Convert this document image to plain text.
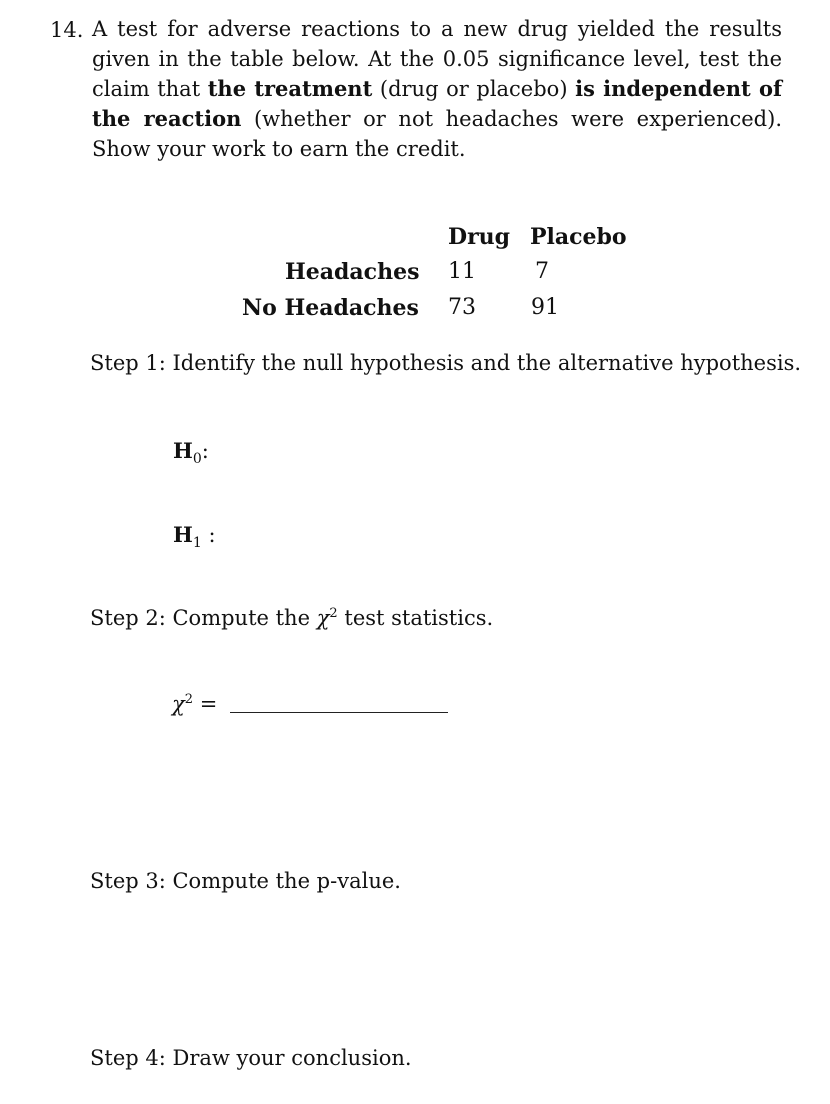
14. A test for adverse reactions to a new drug yielded the results given in the table below. At the 0.05 significance level, test the claim that the treatment (drug or placebo) is independent of the reaction (whether or not headaches were experienced). Show your work to earn the credit.
Drug Placebo
Headaches 11	7
No Headaches 73	91
Step 1: Identify the null hypothesis and the alternative hypothesis.
$H_0$:
$H_1$ :
Step 2: Compute the $\chi^2$ test statistics.
$\chi^2$ =
Step 3: Compute the p-value.
Step 4: Draw your conclusion.
